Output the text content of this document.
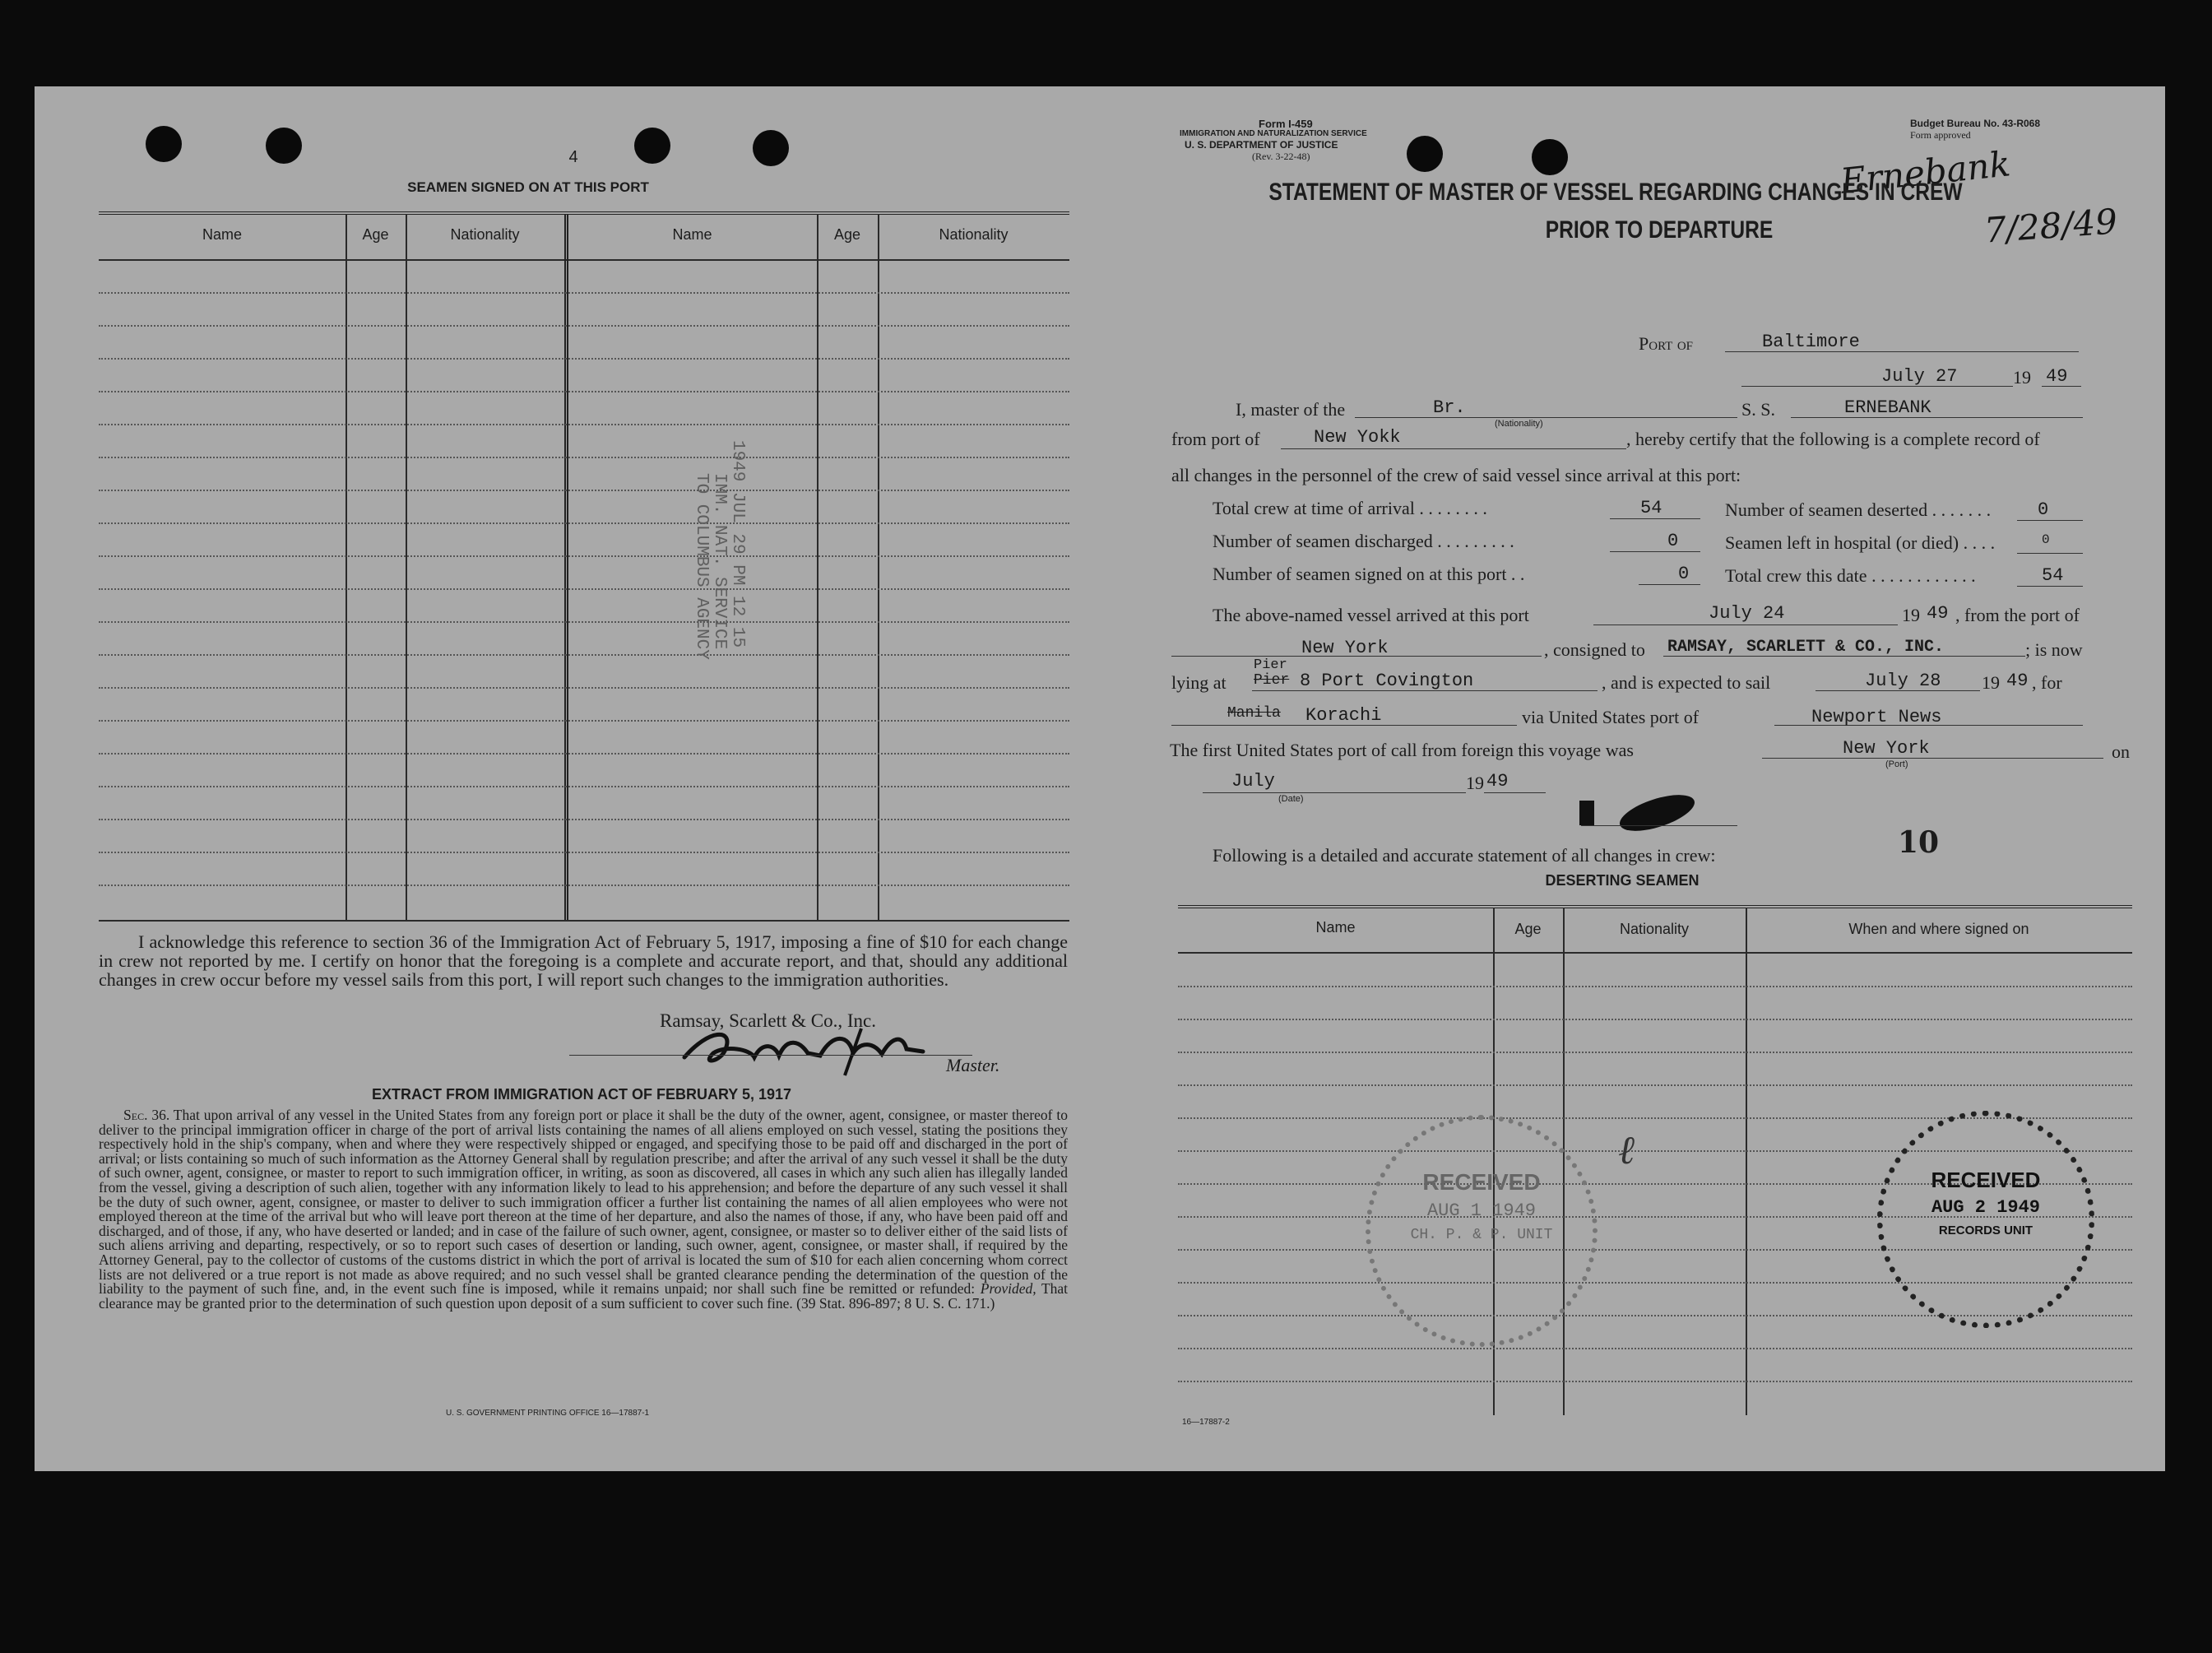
4
SEAMEN SIGNED ON AT THIS PORT
Name	Age	Nationality	Name	Age	Nationality
1949 JUL 29 PM 12 15
IMM. NAT. SERVICE
TO COLUMBUS AGENCY
I acknowledge this reference to section 36 of the Immigration Act of February 5, 1917, imposing a fine of $10 for each change in crew not reported by me. I certify on honor that the foregoing is a complete and accurate report, and that, should any additional changes in crew occur before my vessel sails from this port, I will report such changes to the immigration authorities.
Ramsay, Scarlett & Co., Inc.
Master.
EXTRACT FROM IMMIGRATION ACT OF FEBRUARY 5, 1917
Sec. 36. That upon arrival of any vessel in the United States from any foreign port or place it shall be the duty of the owner, agent, consignee, or master thereof to deliver to the principal immigration officer in charge of the port of arrival lists containing the names of all aliens employed on such vessel, stating the positions they respectively hold in the ship's company, when and where they were respectively shipped or engaged, and specifying those to be paid off and discharged in the port of arrival; or lists containing so much of such information as the Attorney General shall by regulation prescribe; and after the arrival of any such vessel it shall be the duty of such owner, agent, consignee, or master to report to such immigration officer, in writing, as soon as discovered, all cases in which any such alien has illegally landed from the vessel, giving a description of such alien, together with any information likely to lead to his apprehension; and before the departure of any such vessel it shall be the duty of such owner, agent, consignee, or master to deliver to such immigration officer a further list containing the names of all alien employees who were not employed thereon at the time of the arrival but who will leave port thereon at the time of her departure, and also the names of those, if any, who have been paid off and discharged, and of those, if any, who have deserted or landed; and in case of the failure of such owner, agent, consignee, or master so to deliver either of the said lists of such aliens arriving and departing, respectively, or so to report such cases of desertion or landing, such owner, agent, consignee, or master shall, if required by the Attorney General, pay to the collector of customs of the customs district in which the port of arrival is located the sum of $10 for each alien concerning whom correct lists are not delivered or a true report is not made as above required; and no such vessel shall be granted clearance pending the determination of the question of the liability to the payment of such fine, and, in the event such fine is imposed, while it remains unpaid; nor shall such fine be remitted or refunded: Provided, That clearance may be granted prior to the determination of such question upon deposit of a sum sufficient to cover such fine. (39 Stat. 896-897; 8 U. S. C. 171.)
U. S. GOVERNMENT PRINTING OFFICE 16—17887-1
Form I-459
IMMIGRATION AND NATURALIZATION SERVICE
U. S. DEPARTMENT OF JUSTICE
(Rev. 3-22-48)
Budget Bureau No. 43-R068
Form approved
Ernebank
7/28/49
STATEMENT OF MASTER OF VESSEL REGARDING CHANGES IN CREW
PRIOR TO DEPARTURE
Port of	Baltimore
July 27	19 49
I, master of the	Br.
(Nationality)
S. S.	ERNEBANK
from port of	New Yokk	, hereby certify that the following is a complete record of
all changes in the personnel of the crew of said vessel since arrival at this port:
Total crew at time of arrival . . . . . . . .	54	Number of seamen deserted . . . . . . .	0
Number of seamen discharged . . . . . . . . .	0	Seamen left in hospital (or died) . . . .	0
Number of seamen signed on at this port . .	0 Total crew this date . . . . . . . . . . . .	54
The above-named vessel arrived at this port	July 24	19 49 , from the port of
New York	, consigned to RAMSAY, SCARLETT & CO., INC.	; is now
lying at
Pier
Pier 8 Port Covington	, and is expected to sail	July 28 19 49 , for
Manila Korachi	via United States port of	Newport News
The first United States port of call from foreign this voyage was	New York
(Port)
on
July
(Date)
19 49
Following is a detailed and accurate statement of all changes in crew:	10
DESERTING SEAMEN
Name	Age	Nationality	When and where signed on
RECEIVED
AUG 1 1949
CH. P. & P. UNIT
ℓ
RECEIVED
AUG 2 1949
RECORDS UNIT
16—17887-2
